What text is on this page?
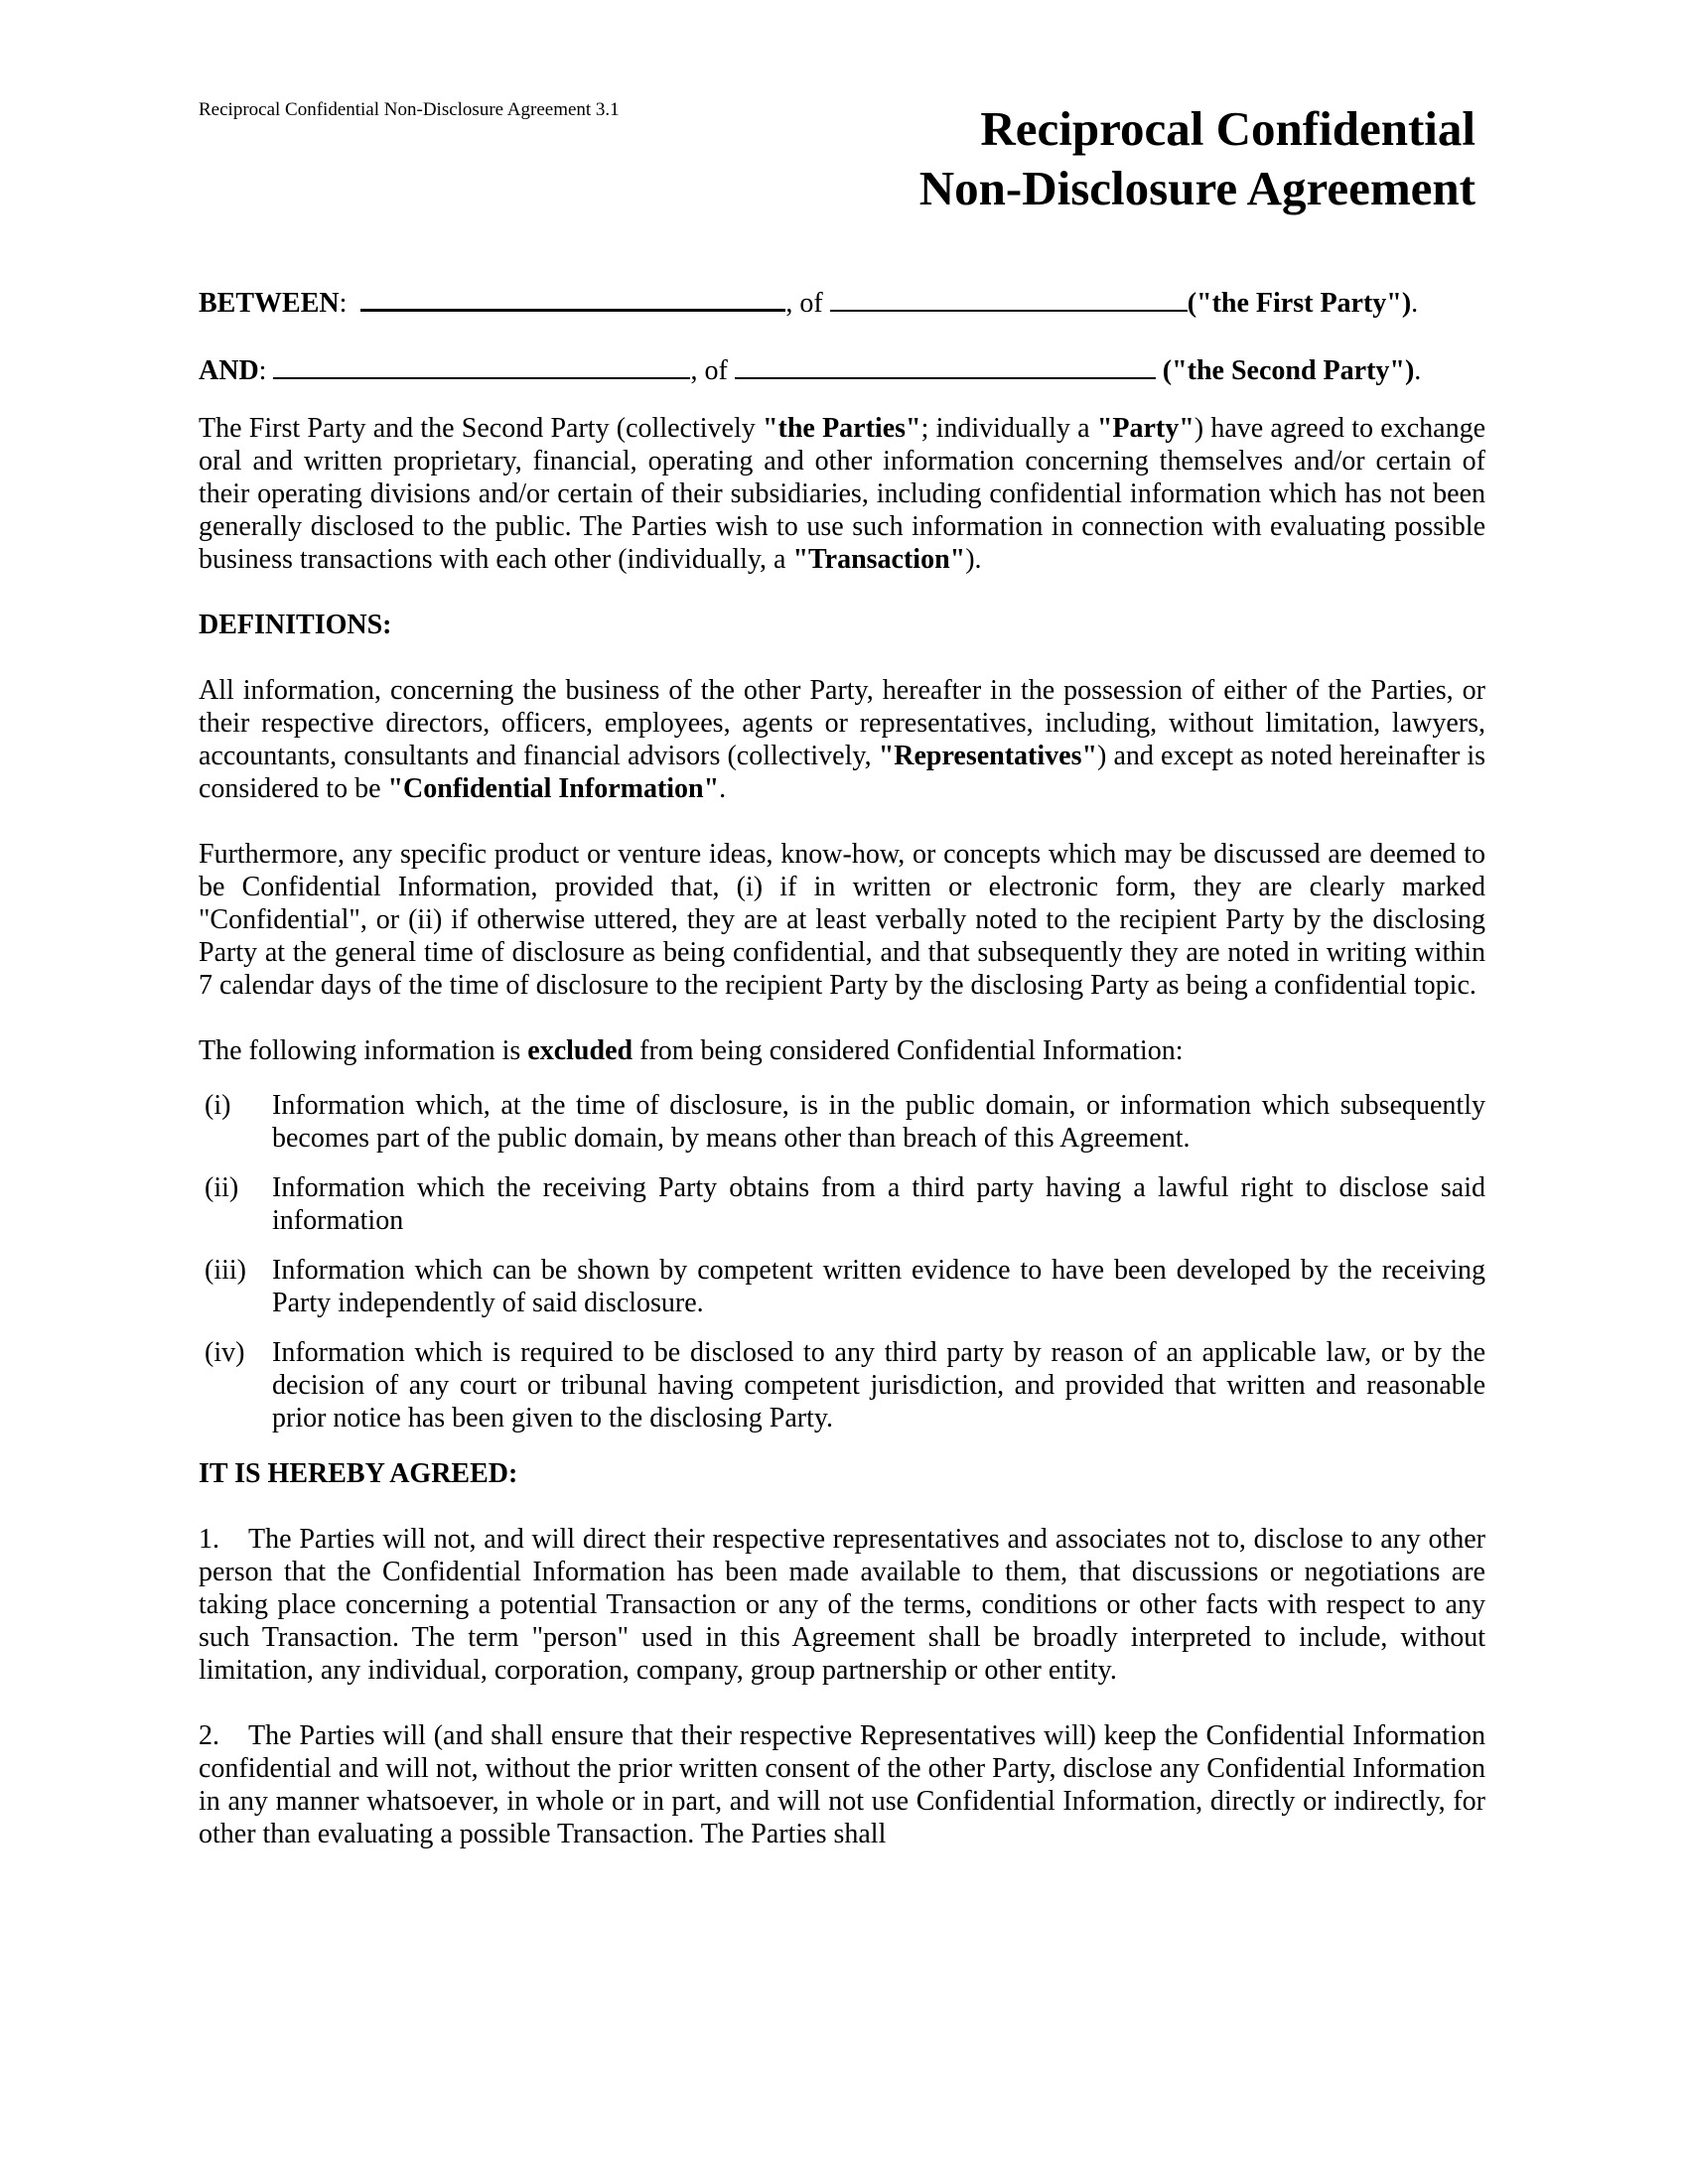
Reciprocal Confidential Non-Disclosure Agreement 3.1	Reciprocal Confidential
Non-Disclosure Agreement

BETWEEN:	, of	("the First Party").

AND:	, of	("the Second Party").

The First Party and the Second Party (collectively "the Parties"; individually a "Party") have agreed to exchange oral and written proprietary, financial, operating and other information concerning themselves and/or certain of their operating divisions and/or certain of their subsidiaries, including confidential information which has not been generally disclosed to the public. The Parties wish to use such information in connection with evaluating possible business transactions with each other (individually, a "Transaction").

DEFINITIONS:

All information, concerning the business of the other Party, hereafter in the possession of either of the Parties, or their respective directors, officers, employees, agents or representatives, including, without limitation, lawyers, accountants, consultants and financial advisors (collectively, "Representatives") and except as noted hereinafter is considered to be "Confidential Information".

Furthermore, any specific product or venture ideas, know-how, or concepts which may be discussed are deemed to be Confidential Information, provided that, (i) if in written or electronic form, they are clearly marked "Confidential", or (ii) if otherwise uttered, they are at least verbally noted to the recipient Party by the disclosing Party at the general time of disclosure as being confidential, and that subsequently they are noted in writing within 7 calendar days of the time of disclosure to the recipient Party by the disclosing Party as being a confidential topic.

The following information is excluded from being considered Confidential Information:

(i) Information which, at the time of disclosure, is in the public domain, or information which subsequently becomes part of the public domain, by means other than breach of this Agreement.
(ii) Information which the receiving Party obtains from a third party having a lawful right to disclose said information
(iii) Information which can be shown by competent written evidence to have been developed by the receiving Party independently of said disclosure.
(iv) Information which is required to be disclosed to any third party by reason of an applicable law, or by the decision of any court or tribunal having competent jurisdiction, and provided that written and reasonable prior notice has been given to the disclosing Party.

IT IS HEREBY AGREED:

1. The Parties will not, and will direct their respective representatives and associates not to, disclose to any other person that the Confidential Information has been made available to them, that discussions or negotiations are taking place concerning a potential Transaction or any of the terms, conditions or other facts with respect to any such Transaction. The term "person" used in this Agreement shall be broadly interpreted to include, without limitation, any individual, corporation, company, group partnership or other entity.

2. The Parties will (and shall ensure that their respective Representatives will) keep the Confidential Information confidential and will not, without the prior written consent of the other Party, disclose any Confidential Information in any manner whatsoever, in whole or in part, and will not use Confidential Information, directly or indirectly, for other than evaluating a possible Transaction. The Parties shall
